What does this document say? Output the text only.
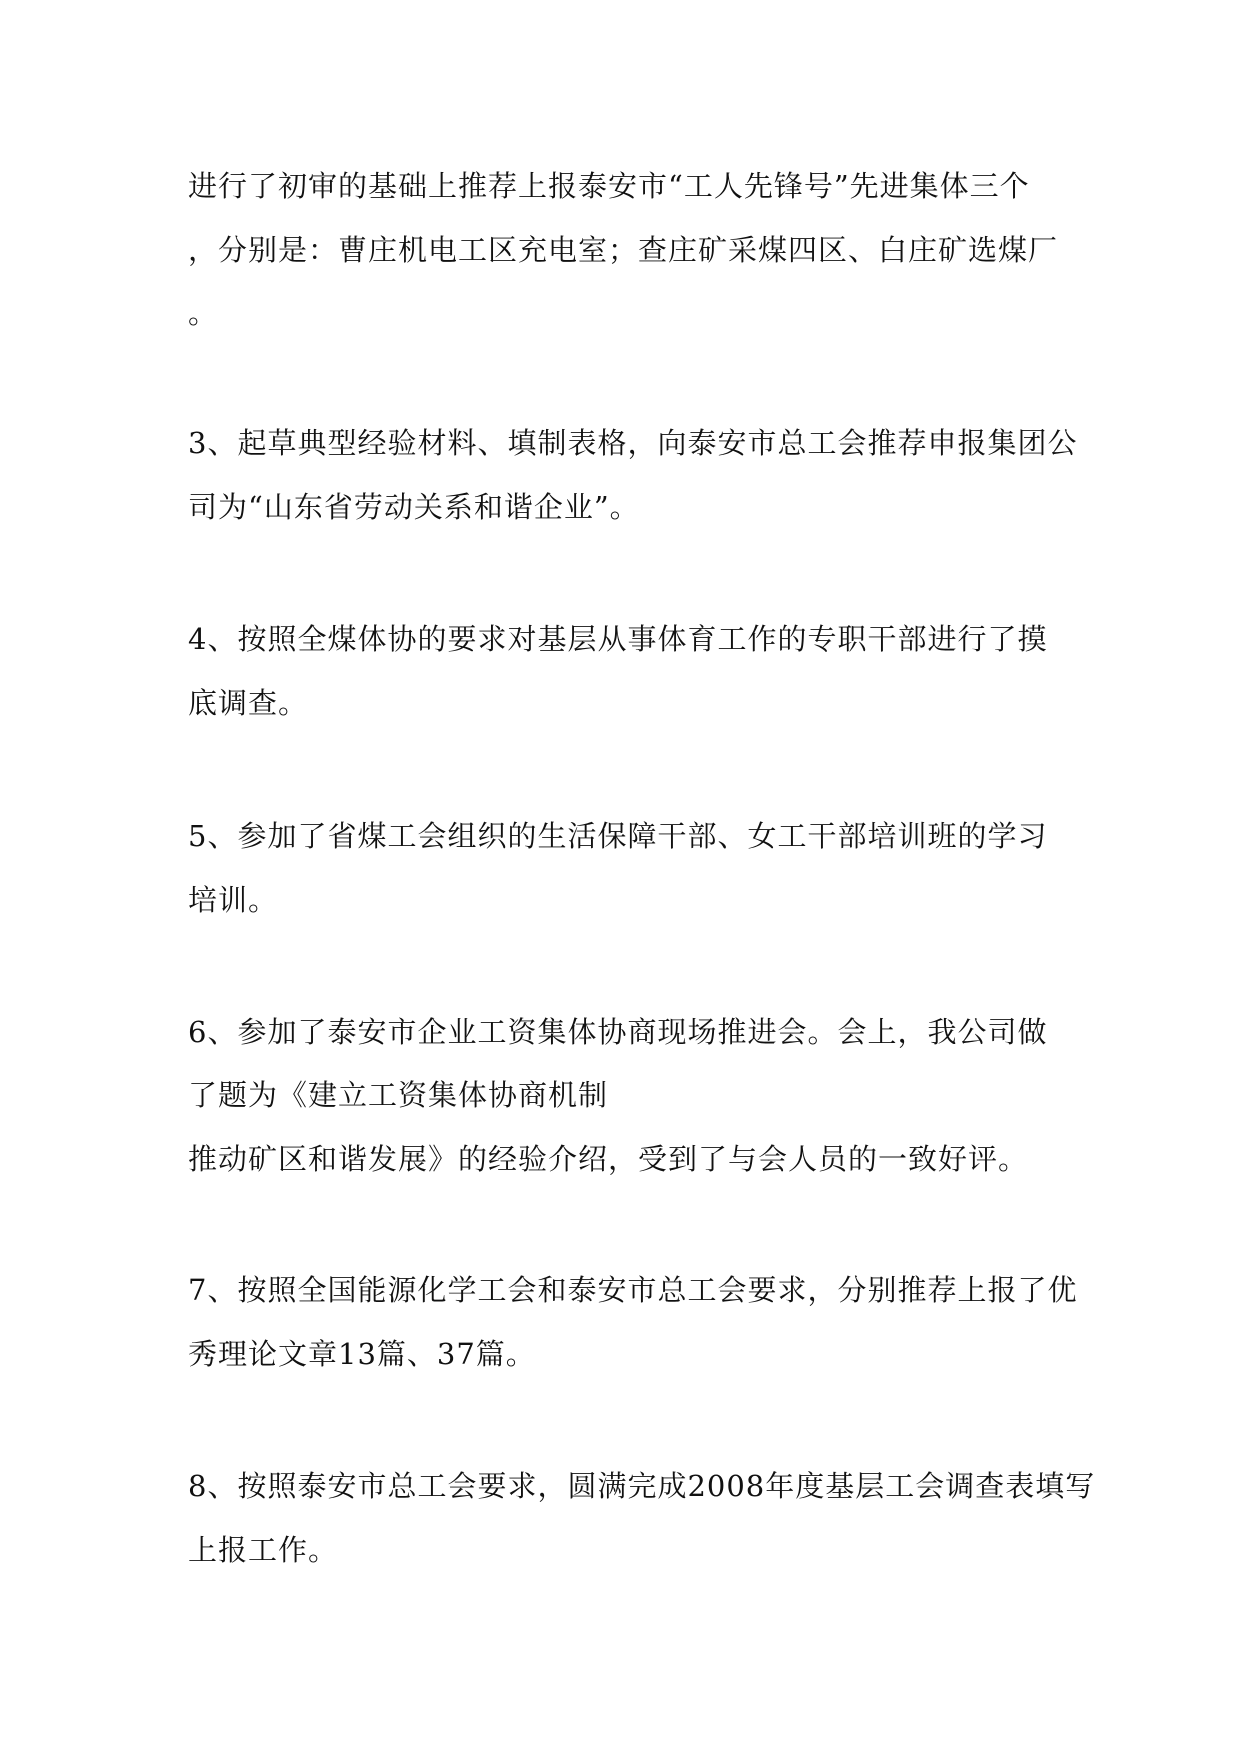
进行了初审的基础上推荐上报泰安市“工人先锋号”先进集体三个
，分别是：曹庄机电工区充电室；查庄矿采煤四区、白庄矿选煤厂
。
3、起草典型经验材料、填制表格，向泰安市总工会推荐申报集团公
司为“山东省劳动关系和谐企业”。
4、按照全煤体协的要求对基层从事体育工作的专职干部进行了摸
底调查。
5、参加了省煤工会组织的生活保障干部、女工干部培训班的学习
培训。
6、参加了泰安市企业工资集体协商现场推进会。会上，我公司做
了题为《建立工资集体协商机制
推动矿区和谐发展》的经验介绍，受到了与会人员的一致好评。
7、按照全国能源化学工会和泰安市总工会要求，分别推荐上报了优
秀理论文章13篇、37篇。
8、按照泰安市总工会要求，圆满完成2008年度基层工会调查表填写
上报工作。
